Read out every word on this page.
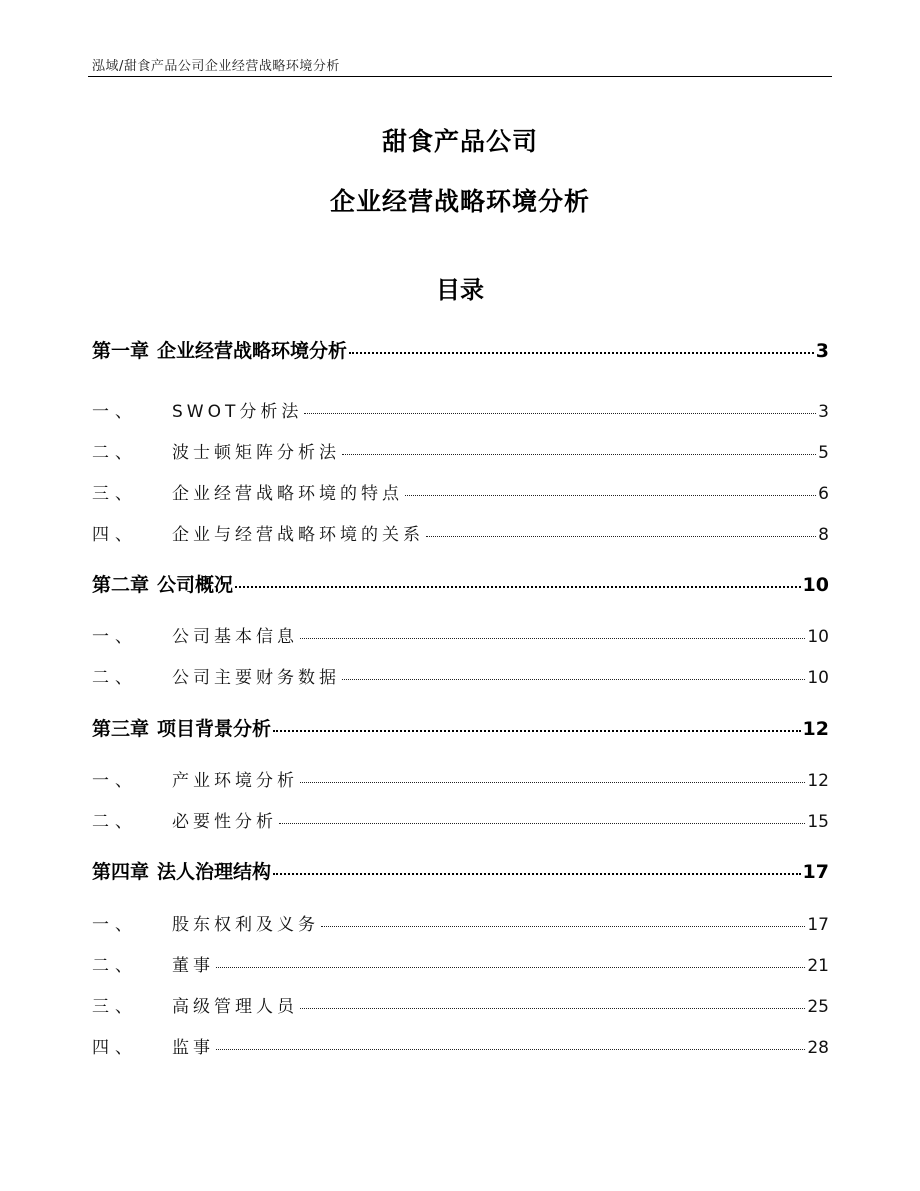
泓域/甜食产品公司企业经营战略环境分析
甜食产品公司
企业经营战略环境分析
目录
第一章 企业经营战略环境分析	3
一、	SWOT分析法	3
二、	波士顿矩阵分析法	5
三、	企业经营战略环境的特点	6
四、	企业与经营战略环境的关系	8
第二章 公司概况	10
一、	公司基本信息	10
二、	公司主要财务数据	10
第三章 项目背景分析	12
一、	产业环境分析	12
二、	必要性分析	15
第四章 法人治理结构	17
一、	股东权利及义务	17
二、	董事	21
三、	高级管理人员	25
四、	监事	28
